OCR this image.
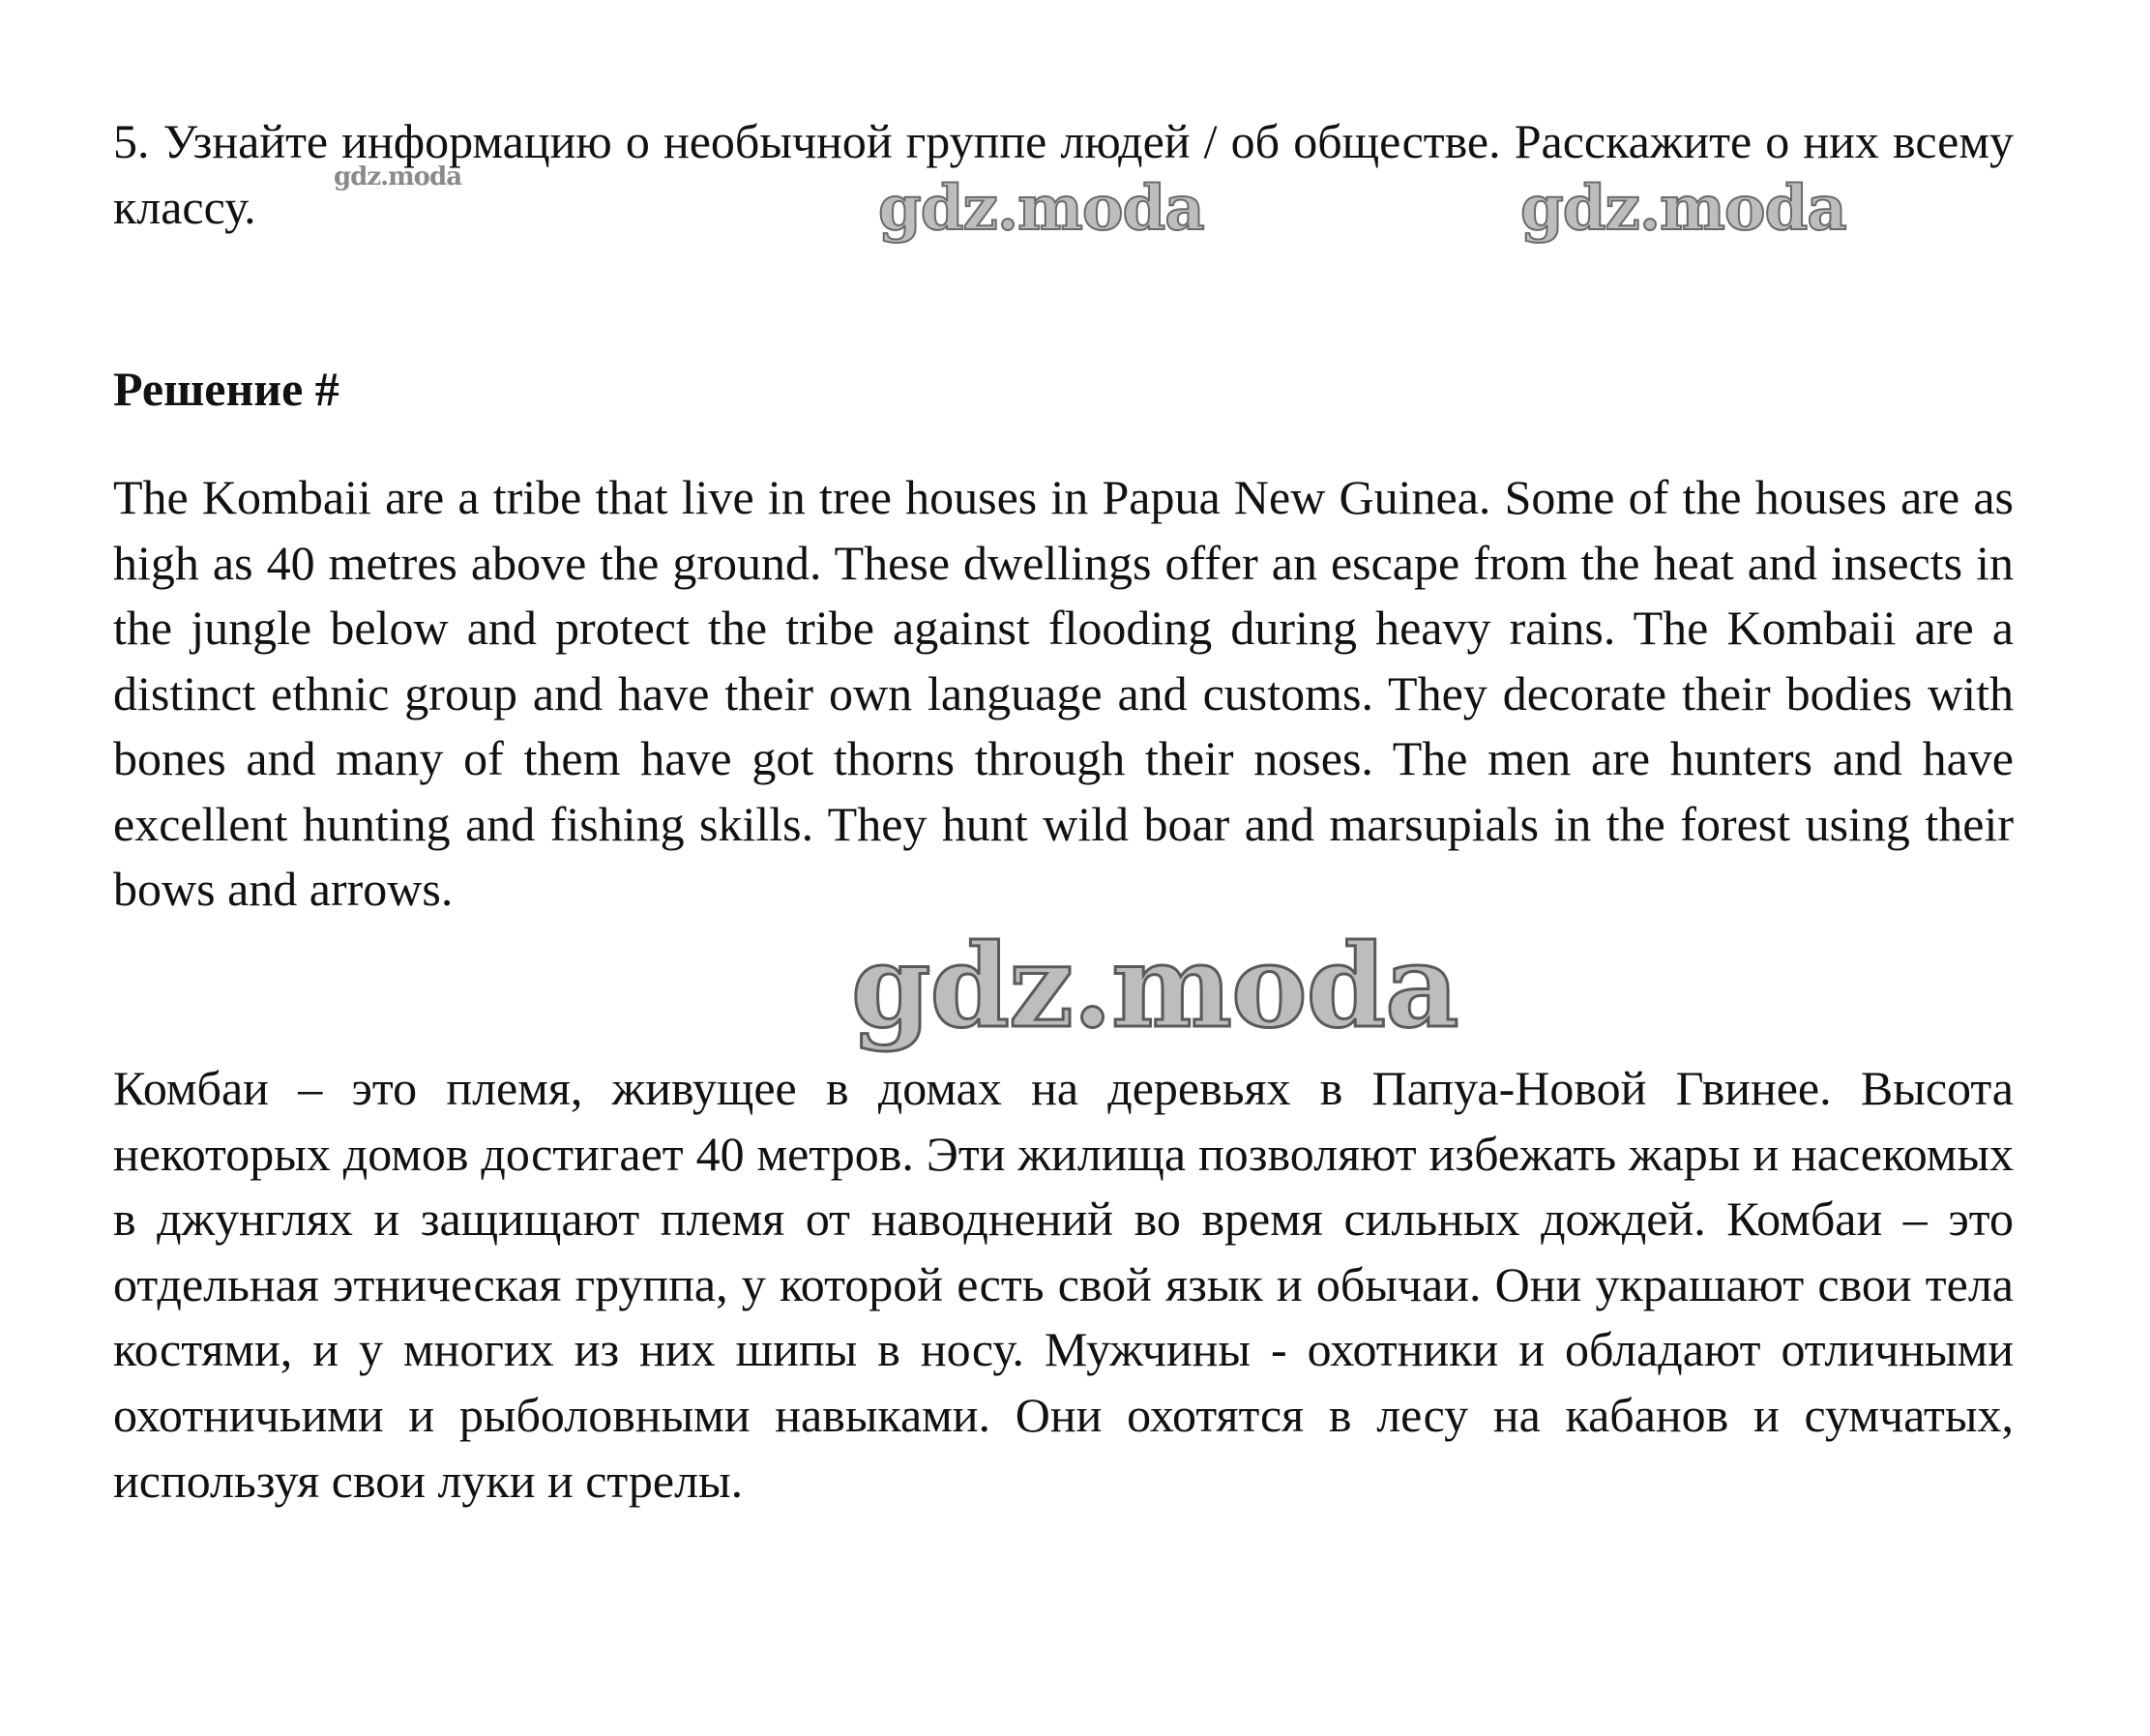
5. Узнайте информацию о необычной группе людей / об обществе. Расскажите о них всему классу.

Решение #

The Kombaii are a tribe that live in tree houses in Papua New Guinea. Some of the houses are as high as 40 metres above the ground. These dwellings offer an escape from the heat and insects in the jungle below and protect the tribe against flooding during heavy rains. The Kombaii are a distinct ethnic group and have their own language and customs. They decorate their bodies with bones and many of them have got thorns through their noses. The men are hunters and have excellent hunting and fishing skills. They hunt wild boar and marsupials in the forest using their bows and arrows.

Комбаи – это племя, живущее в домах на деревьях в Папуа-Новой Гвинее. Высота некоторых домов достигает 40 метров. Эти жилища позволяют избежать жары и насекомых в джунглях и защищают племя от наводнений во время сильных дождей. Комбаи – это отдельная этническая группа, у которой есть свой язык и обычаи. Они украшают свои тела костями, и у многих из них шипы в носу. Мужчины - охотники и обладают отличными охотничьими и рыболовными навыками. Они охотятся в лесу на кабанов и сумчатых, используя свои луки и стрелы.

gdz.moda	gdz.moda	gdz.moda
gdz.moda
